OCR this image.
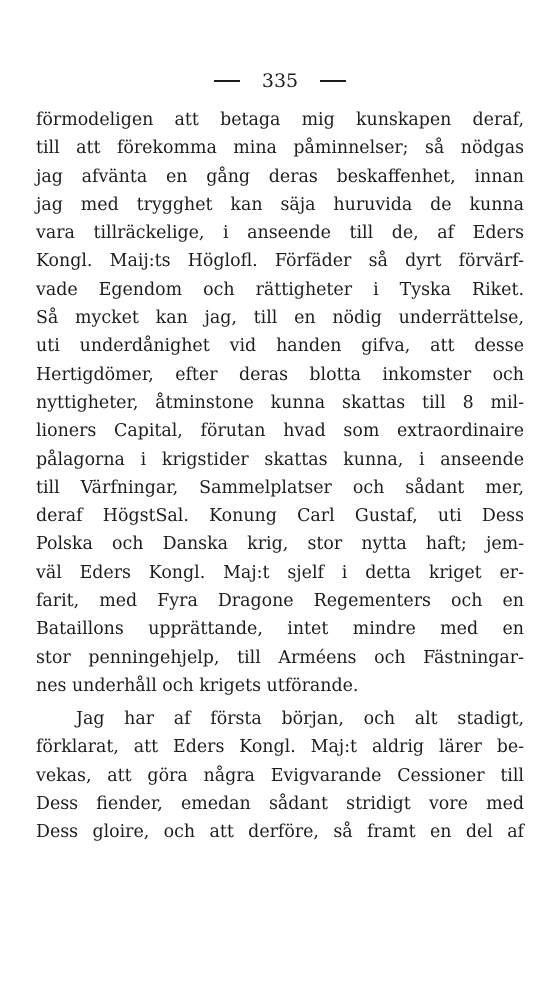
335
förmodeligen att betaga mig kunskapen deraf,
till att förekomma mina påminnelser; så nödgas
jag afvänta en gång deras beskaffenhet, innan
jag med trygghet kan säja huruvida de kunna
vara tillräckelige, i anseende till de, af Eders
Kongl. Maij:ts Höglofl. Förfäder så dyrt förvärf-
vade Egendom och rättigheter i Tyska Riket.
Så mycket kan jag, till en nödig underrättelse,
uti underdånighet vid handen gifva, att desse
Hertigdömer, efter deras blotta inkomster och
nyttigheter, åtminstone kunna skattas till 8 mil-
lioners Capital, förutan hvad som extraordinaire
pålagorna i krigstider skattas kunna, i anseende
till Värfningar, Sammelplatser och sådant mer,
deraf HögstSal. Konung Carl Gustaf, uti Dess
Polska och Danska krig, stor nytta haft; jem-
väl Eders Kongl. Maj:t sjelf i detta kriget er-
farit, med Fyra Dragone Regementers och en
Bataillons upprättande, intet mindre med en
stor penningehjelp, till Arméens och Fästningar-
nes underhåll och krigets utförande.
Jag har af första början, och alt stadigt,
förklarat, att Eders Kongl. Maj:t aldrig lärer be-
vekas, att göra några Evigvarande Cessioner till
Dess fiender, emedan sådant stridigt vore med
Dess gloire, och att derföre, så framt en del af
